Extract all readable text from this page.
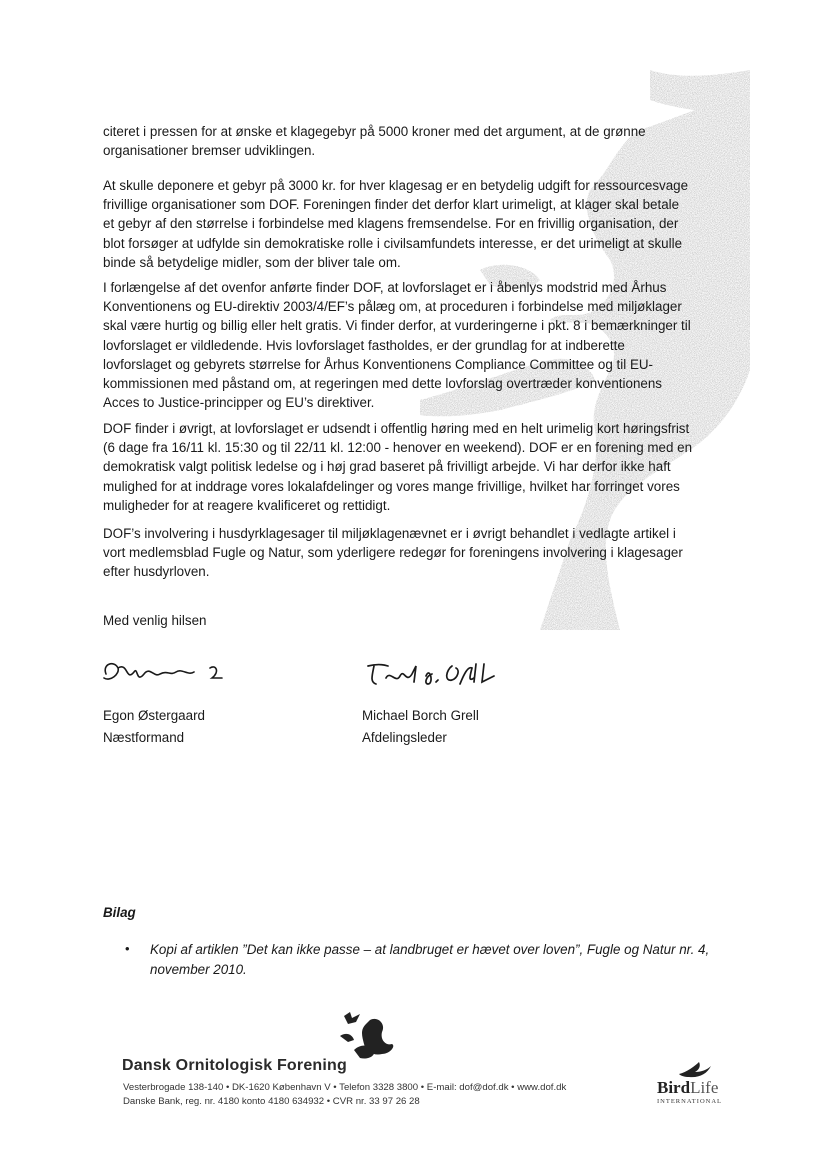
citeret i pressen for at ønske et klagegebyr på 5000 kroner med det argument, at de grønne organisationer bremser udviklingen.

At skulle deponere et gebyr på 3000 kr. for hver klagesag er en betydelig udgift for ressourcesvage frivillige organisationer som DOF. Foreningen finder det derfor klart urimeligt, at klager skal betale et gebyr af den størrelse i forbindelse med klagens fremsendelse. For en frivillig organisation, der blot forsøger at udfylde sin demokratiske rolle i civilsamfundets interesse, er det urimeligt at skulle binde så betydelige midler, som der bliver tale om.

I forlængelse af det ovenfor anførte finder DOF, at lovforslaget er i åbenlys modstrid med Århus Konventionens og EU-direktiv 2003/4/EF’s pålæg om, at proceduren i forbindelse med miljøklager skal være hurtig og billig eller helt gratis. Vi finder derfor, at vurderingerne i pkt. 8 i bemærkninger til lovforslaget er vildledende. Hvis lovforslaget fastholdes, er der grundlag for at indberette lovforslaget og gebyrets størrelse for Århus Konventionens Compliance Committee og til EU-kommissionen med påstand om, at regeringen med dette lovforslag overtræder konventionens Acces to Justice-principper og EU’s direktiver.

DOF finder i øvrigt, at lovforslaget er udsendt i offentlig høring med en helt urimelig kort høringsfrist (6 dage fra 16/11 kl. 15:30 og til 22/11 kl. 12:00 - henover en weekend). DOF er en forening med en demokratisk valgt politisk ledelse og i høj grad baseret på frivilligt arbejde. Vi har derfor ikke haft mulighed for at inddrage vores lokalafdelinger og vores mange frivillige, hvilket har forringet vores muligheder for at reagere kvalificeret og rettidigt.

DOF’s involvering i husdyrklagesager til miljøklagenævnet er i øvrigt behandlet i vedlagte artikel i vort medlemsblad Fugle og Natur, som yderligere redegør for foreningens involvering i klagesager efter husdyrloven.

Med venlig hilsen
Egon Østergaard
Næstformand
Michael Borch Grell
Afdelingsleder
Bilag
• Kopi af artiklen ”Det kan ikke passe – at landbruget er hævet over loven”, Fugle og Natur nr. 4, november 2010.
Dansk Ornitologisk Forening
Vesterbrogade 138-140 • DK-1620 København V • Telefon 3328 3800 • E-mail: dof@dof.dk • www.dof.dk
Danske Bank, reg. nr. 4180 konto 4180 634932 • CVR nr. 33 97 26 28
BirdLife
INTERNATIONAL
